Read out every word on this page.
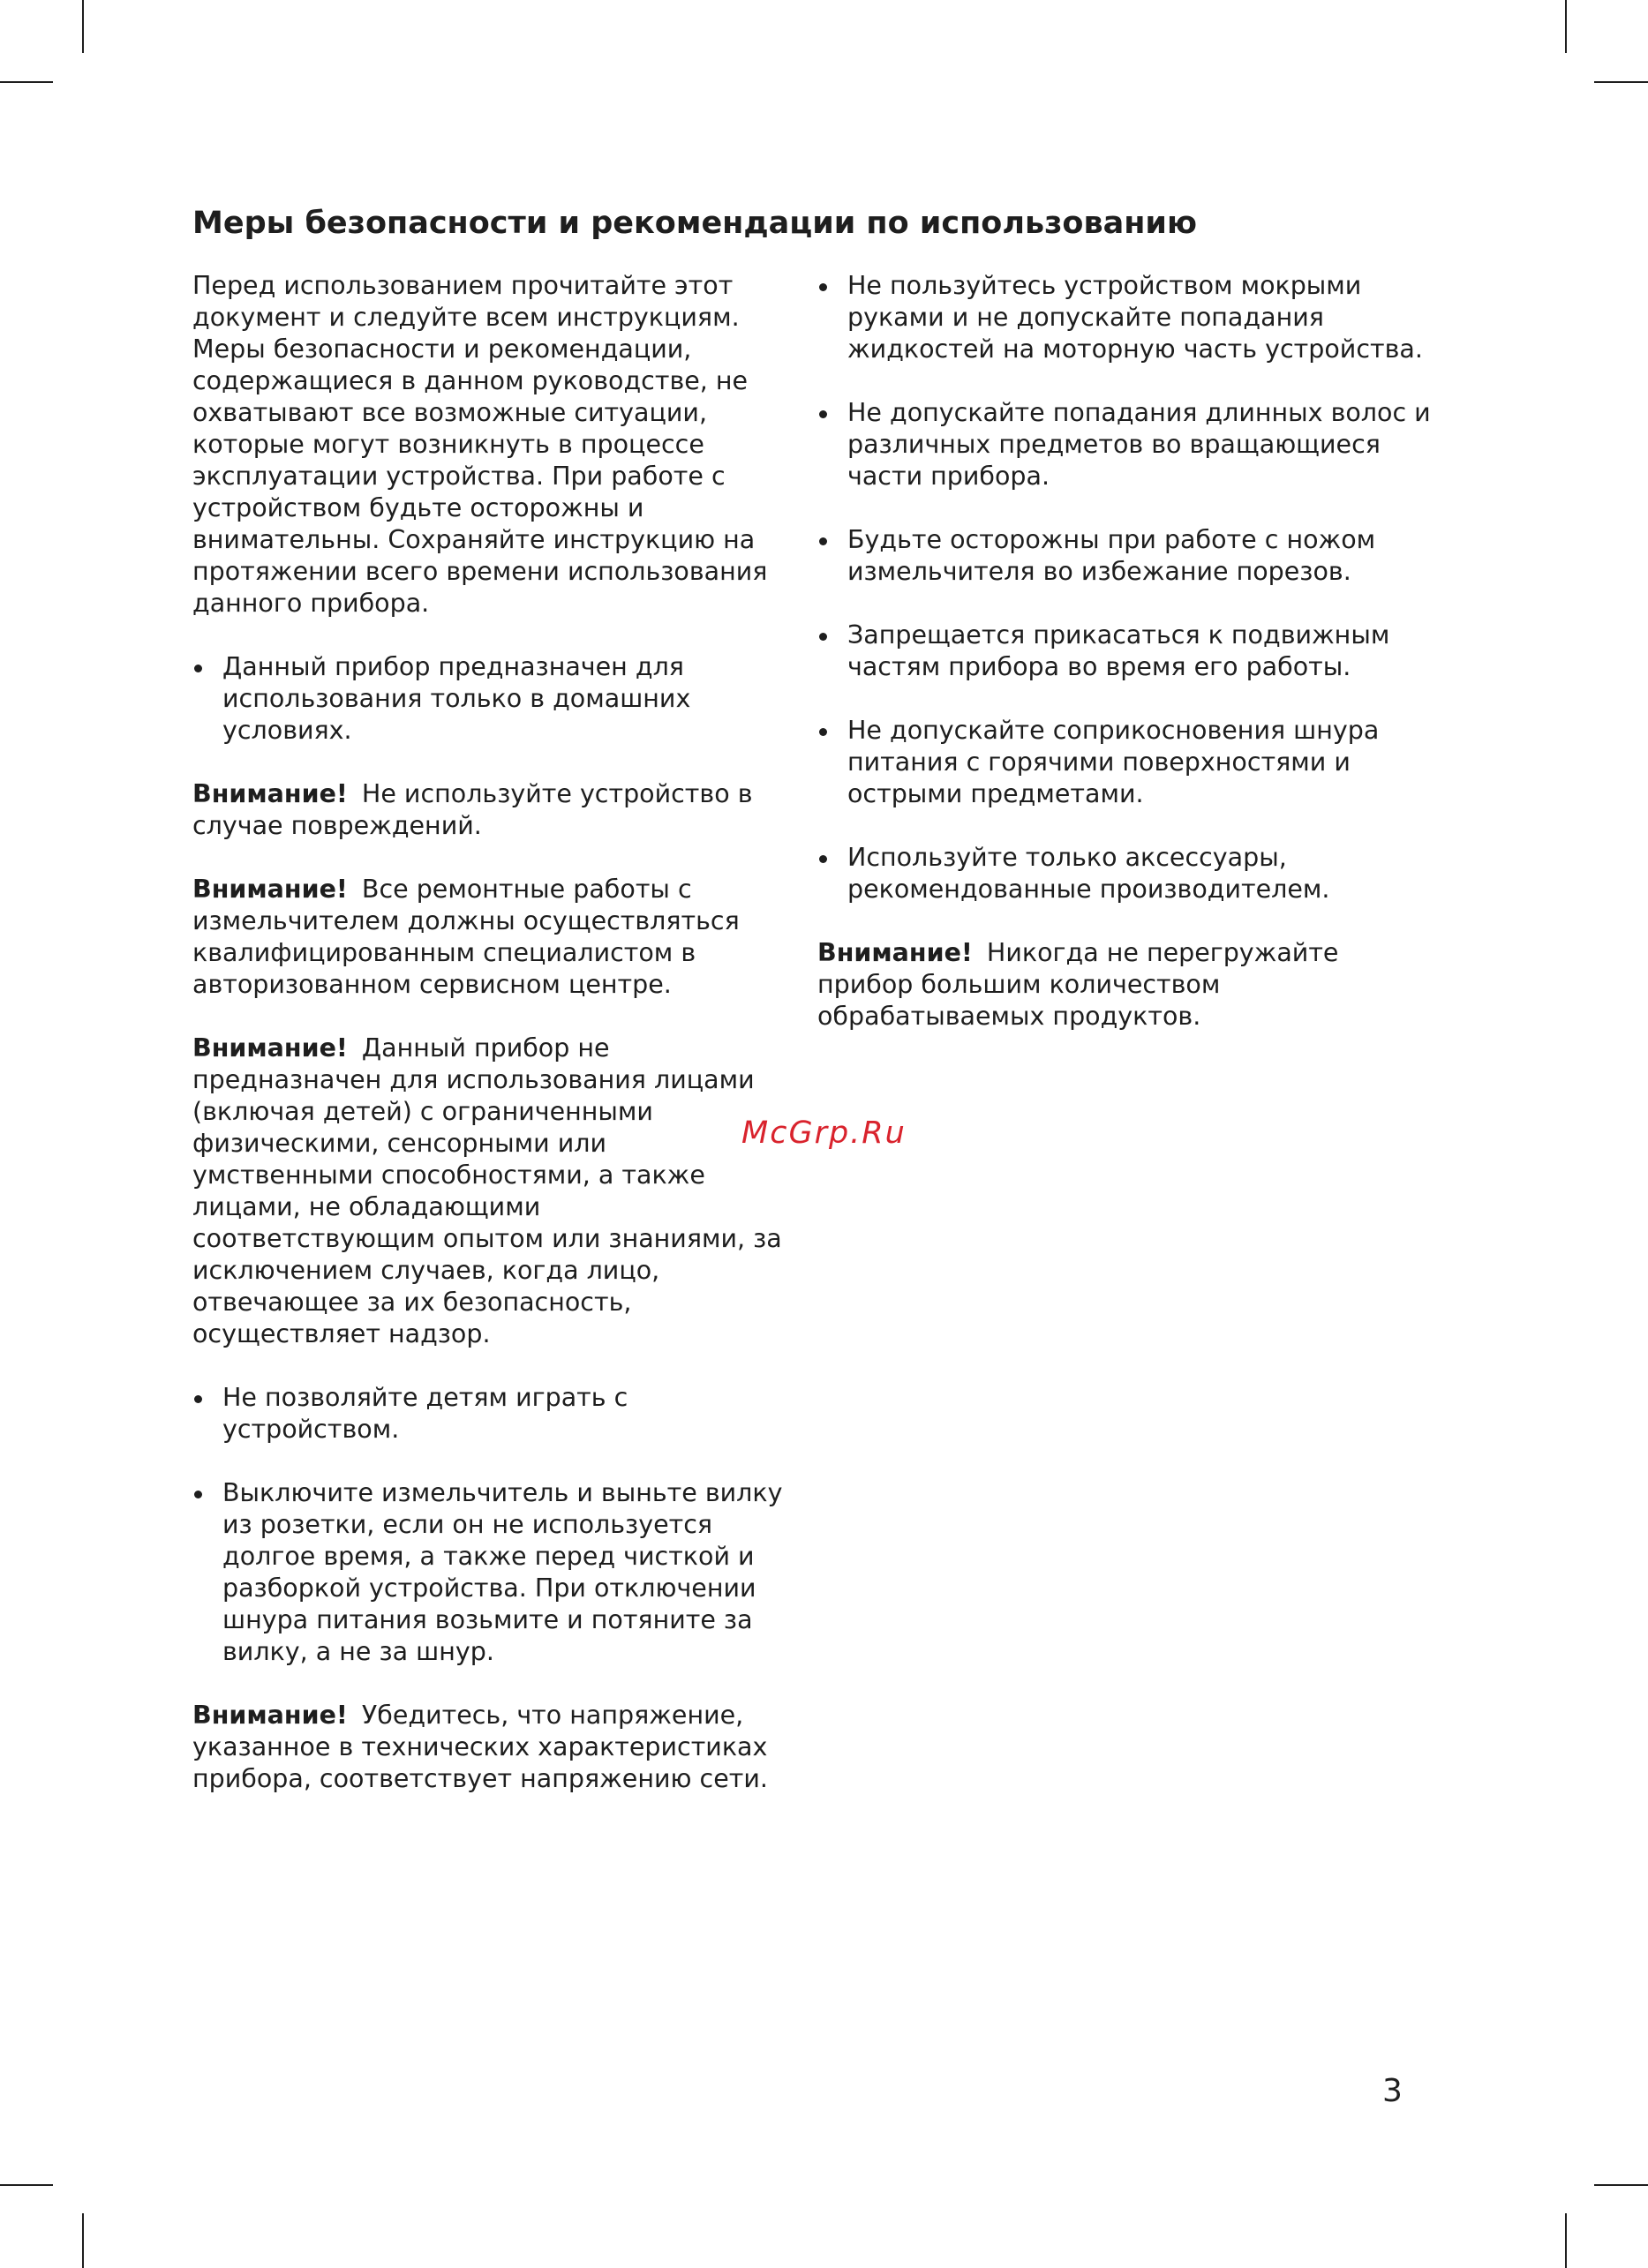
Меры безопасности и рекомендации по использованию

Перед использованием прочитайте этот документ и следуйте всем инструкциям. Меры безопасности и рекомендации, содержащиеся в данном руководстве, не охватывают все возможные ситуации, которые могут возникнуть в процессе эксплуатации устройства. При работе с устройством будьте осторожны и внимательны. Сохраняйте инструкцию на протяжении всего времени использования данного прибора.

Данный прибор предназначен для использования только в домашних условиях.

Внимание! Не используйте устройство в случае повреждений.

Внимание! Все ремонтные работы с измельчителем должны осуществляться квалифицированным специалистом в авторизованном сервисном центре.

Внимание! Данный прибор не предназначен для использования лицами (включая детей) с ограниченными физическими, сенсорными или умственными способностями, а также лицами, не обладающими соответствующим опытом или знаниями, за исключением случаев, когда лицо, отвечающее за их безопасность, осуществляет надзор.

Не позволяйте детям играть с устройством.
Выключите измельчитель и выньте вилку из розетки, если он не используется долгое время, а также перед чисткой и разборкой устройства. При отключении шнура питания возьмите и потяните за вилку, а не за шнур.

Внимание! Убедитесь, что напряжение, указанное в технических характеристиках прибора, соответствует напряжению сети.

Не пользуйтесь устройством мокрыми руками и не допускайте попадания жидкостей на моторную часть устройства.
Не допускайте попадания длинных волос и различных предметов во вращающиеся части прибора.
Будьте осторожны при работе с ножом измельчителя во избежание порезов.
Запрещается прикасаться к подвижным частям прибора во время его работы.
Не допускайте соприкосновения шнура питания с горячими поверхностями и острыми предметами.
Используйте только аксессуары, рекомендованные производителем.

Внимание! Никогда не перегружайте прибор большим количеством обрабатываемых продуктов.

McGrp.Ru
3
